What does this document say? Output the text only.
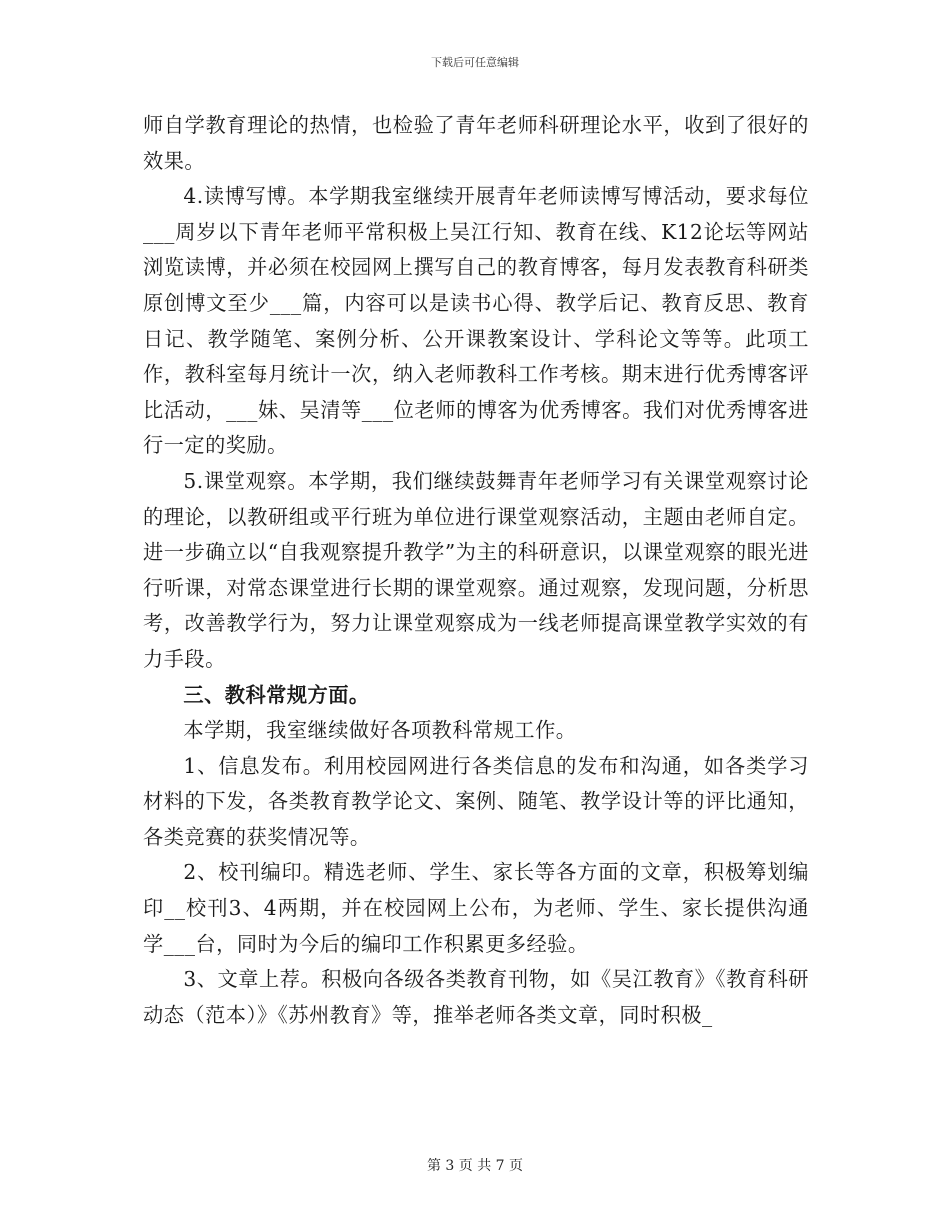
下载后可任意编辑

师自学教育理论的热情，也检验了青年老师科研理论水平，收到了很好的效果。

4.读博写博。本学期我室继续开展青年老师读博写博活动，要求每位___周岁以下青年老师平常积极上吴江行知、教育在线、K12论坛等网站浏览读博，并必须在校园网上撰写自己的教育博客，每月发表教育科研类原创博文至少___篇，内容可以是读书心得、教学后记、教育反思、教育日记、教学随笔、案例分析、公开课教案设计、学科论文等等。此项工作，教科室每月统计一次，纳入老师教科工作考核。期末进行优秀博客评比活动，___妹、吴清等___位老师的博客为优秀博客。我们对优秀博客进行一定的奖励。

5.课堂观察。本学期，我们继续鼓舞青年老师学习有关课堂观察讨论的理论，以教研组或平行班为单位进行课堂观察活动，主题由老师自定。进一步确立以“自我观察提升教学”为主的科研意识，以课堂观察的眼光进行听课，对常态课堂进行长期的课堂观察。通过观察，发现问题，分析思考，改善教学行为，努力让课堂观察成为一线老师提高课堂教学实效的有力手段。

三、教科常规方面。

本学期，我室继续做好各项教科常规工作。

1、信息发布。利用校园网进行各类信息的发布和沟通，如各类学习材料的下发，各类教育教学论文、案例、随笔、教学设计等的评比通知，各类竞赛的获奖情况等。

2、校刊编印。精选老师、学生、家长等各方面的文章，积极筹划编印__校刊3、4两期，并在校园网上公布，为老师、学生、家长提供沟通学___台，同时为今后的编印工作积累更多经验。

3、文章上荐。积极向各级各类教育刊物，如《吴江教育》《教育科研动态（范本）》《苏州教育》等，推举老师各类文章，同时积极_

第 3 页 共 7 页
